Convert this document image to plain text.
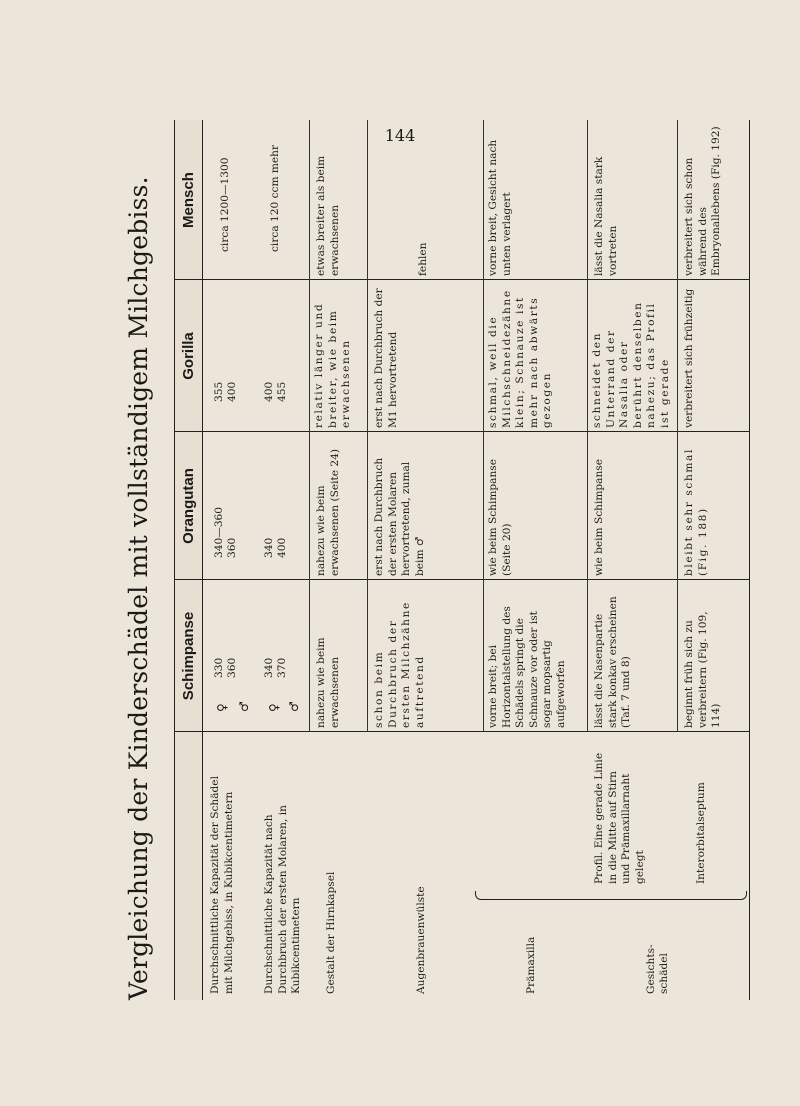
144
Vergleichung der Kinderschädel mit vollständigem Milchgebiss.	Schimpanse
Orangutan
Gorilla
Mensch
Durchschnittliche Kapazität der Schädel mit Milchgebiss, in Kubikcentimetern
♀
330
360
♂
340—360
360
355
400
circa 1200—1300
Durchschnittliche Kapazität nach Durchbruch der ersten Molaren, in Kubikcentimetern
♀
340
370
♂
340
400
400
455
circa 120 ccm mehr
Gestalt der Hirnkapsel
nahezu wie beim erwachsenen
nahezu wie beim erwachsenen (Seite 24)
relativ länger und breiter, wie beim erwachsenen
etwas breiter als beim erwachsenen
Augenbrauenwülste
schon beim Durchbruch der ersten Milchzähne auftretend
erst nach Durchbruch der ersten Molaren hervortretend, zumal beim ♂
erst nach Durchbruch der M1 hervortretend
fehlen
Prämaxilla
vorne breit; bei Horizontalstellung des Schädels springt die Schnauze vor oder ist sogar mopsartig aufgeworfen
wie beim Schimpanse (Seite 20)
schmal, weil die Milchschneidezähne klein; Schnauze ist mehr nach abwärts gezogen
vorne breit, Gesicht nach unten verlagert
Profil. Eine gerade Linie in die Mitte auf Stirn und Prämaxillarnaht gelegt
lässt die Nasenpartie stark konkav erscheinen (Taf. 7 und 8)
wie beim Schimpanse
schneidet den Unterrand der Nasalia oder berührt denselben nahezu; das Profil ist gerade
lässt die Nasalia stark vortreten
Interorbitalseptum
beginnt früh sich zu verbreitern (Fig. 109, 114)
bleibt sehr schmal (Fig. 188)
verbreitert sich frühzeitig
verbreitert sich schon während des Embryonallebens (Fig. 192)
Gesichts-
schädel
